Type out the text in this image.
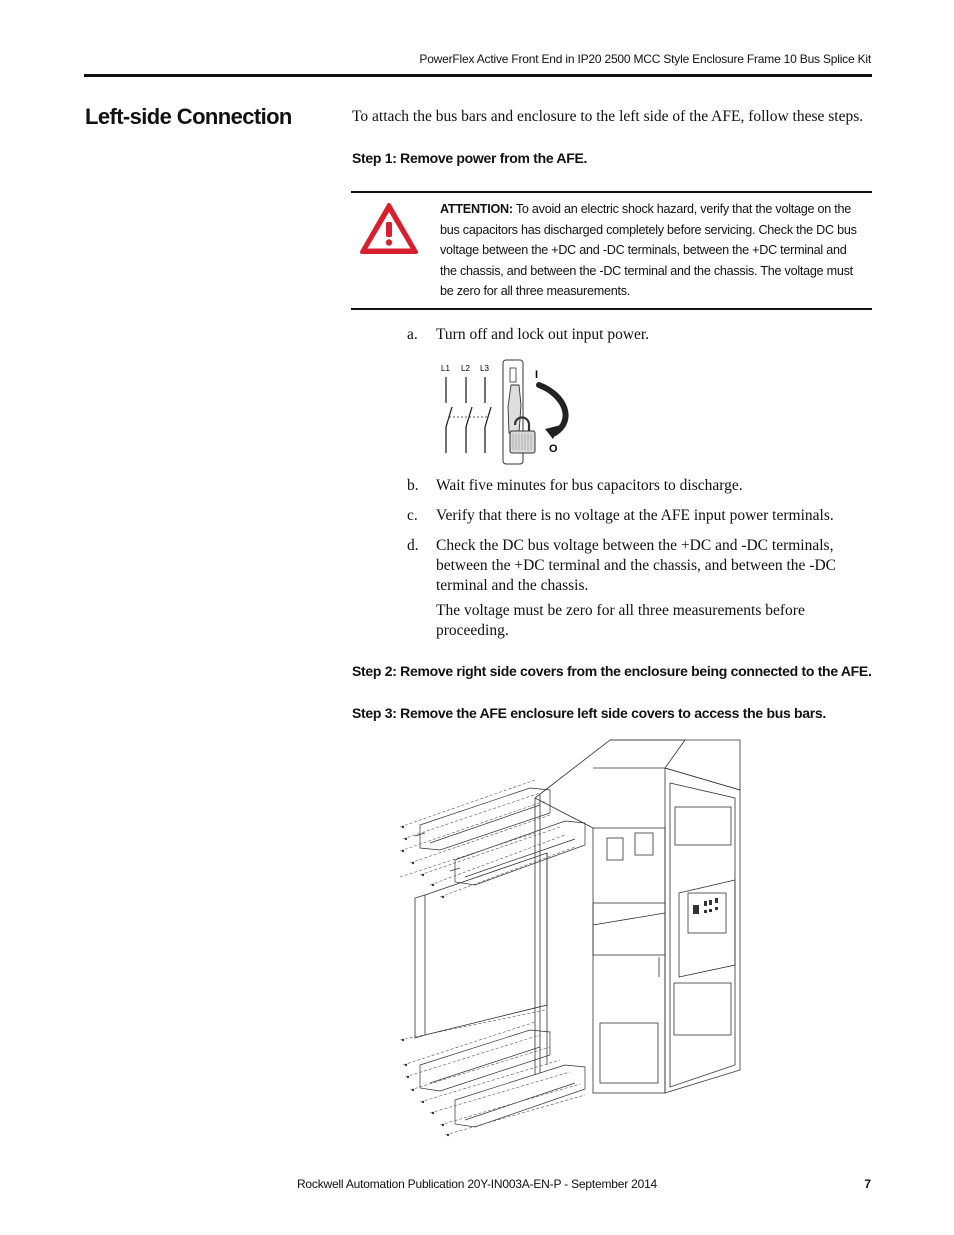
PowerFlex Active Front End in IP20 2500 MCC Style Enclosure Frame 10 Bus Splice Kit
Left-side Connection	To attach the bus bars and enclosure to the left side of the AFE, follow these steps.
Step 1: Remove power from the AFE.
ATTENTION: To avoid an electric shock hazard, verify that the voltage on the bus capacitors has discharged completely before servicing. Check the DC bus voltage between the +DC and -DC terminals, between the +DC terminal and the chassis, and between the -DC terminal and the chassis. The voltage must be zero for all three measurements.
a.	Turn off and lock out input power.
L1 L2 L3
I
O
b.	Wait five minutes for bus capacitors to discharge.
c.	Verify that there is no voltage at the AFE input power terminals.
d.	Check the DC bus voltage between the +DC and -DC terminals, between the +DC terminal and the chassis, and between the -DC terminal and the chassis.
The voltage must be zero for all three measurements before proceeding.
Step 2: Remove right side covers from the enclosure being connected to the AFE.
Step 3: Remove the AFE enclosure left side covers to access the bus bars.
Rockwell Automation Publication 20Y-IN003A-EN-P - September 2014	7
